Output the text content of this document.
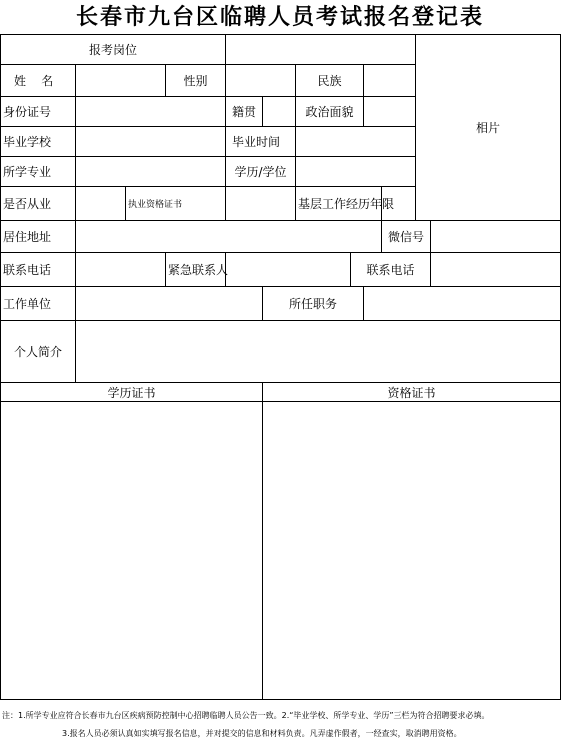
长春市九台区临聘人员考试报名登记表
报考岗位										相片	
姓    名			性别			民族					
身份证号				籍贯		政治面貌					
毕业学校				毕业时间							
所学专业				学历/学位							
是否从业		执业资格证书				基层工作经历年限					
居住地址									微信号		
联系电话			紧急联系人				联系电话				
工作单位					所任职务						
个人简介											
学历证书					资格证书						

注：1.所学专业应符合长春市九台区疾病预防控制中心招聘临聘人员公告一致。2.“毕业学校、所学专业、学历”三栏为符合招聘要求必填。

3.报名人员必须认真如实填写报名信息，并对提交的信息和材料负责。凡弄虚作假者，一经查实，取消聘用资格。
